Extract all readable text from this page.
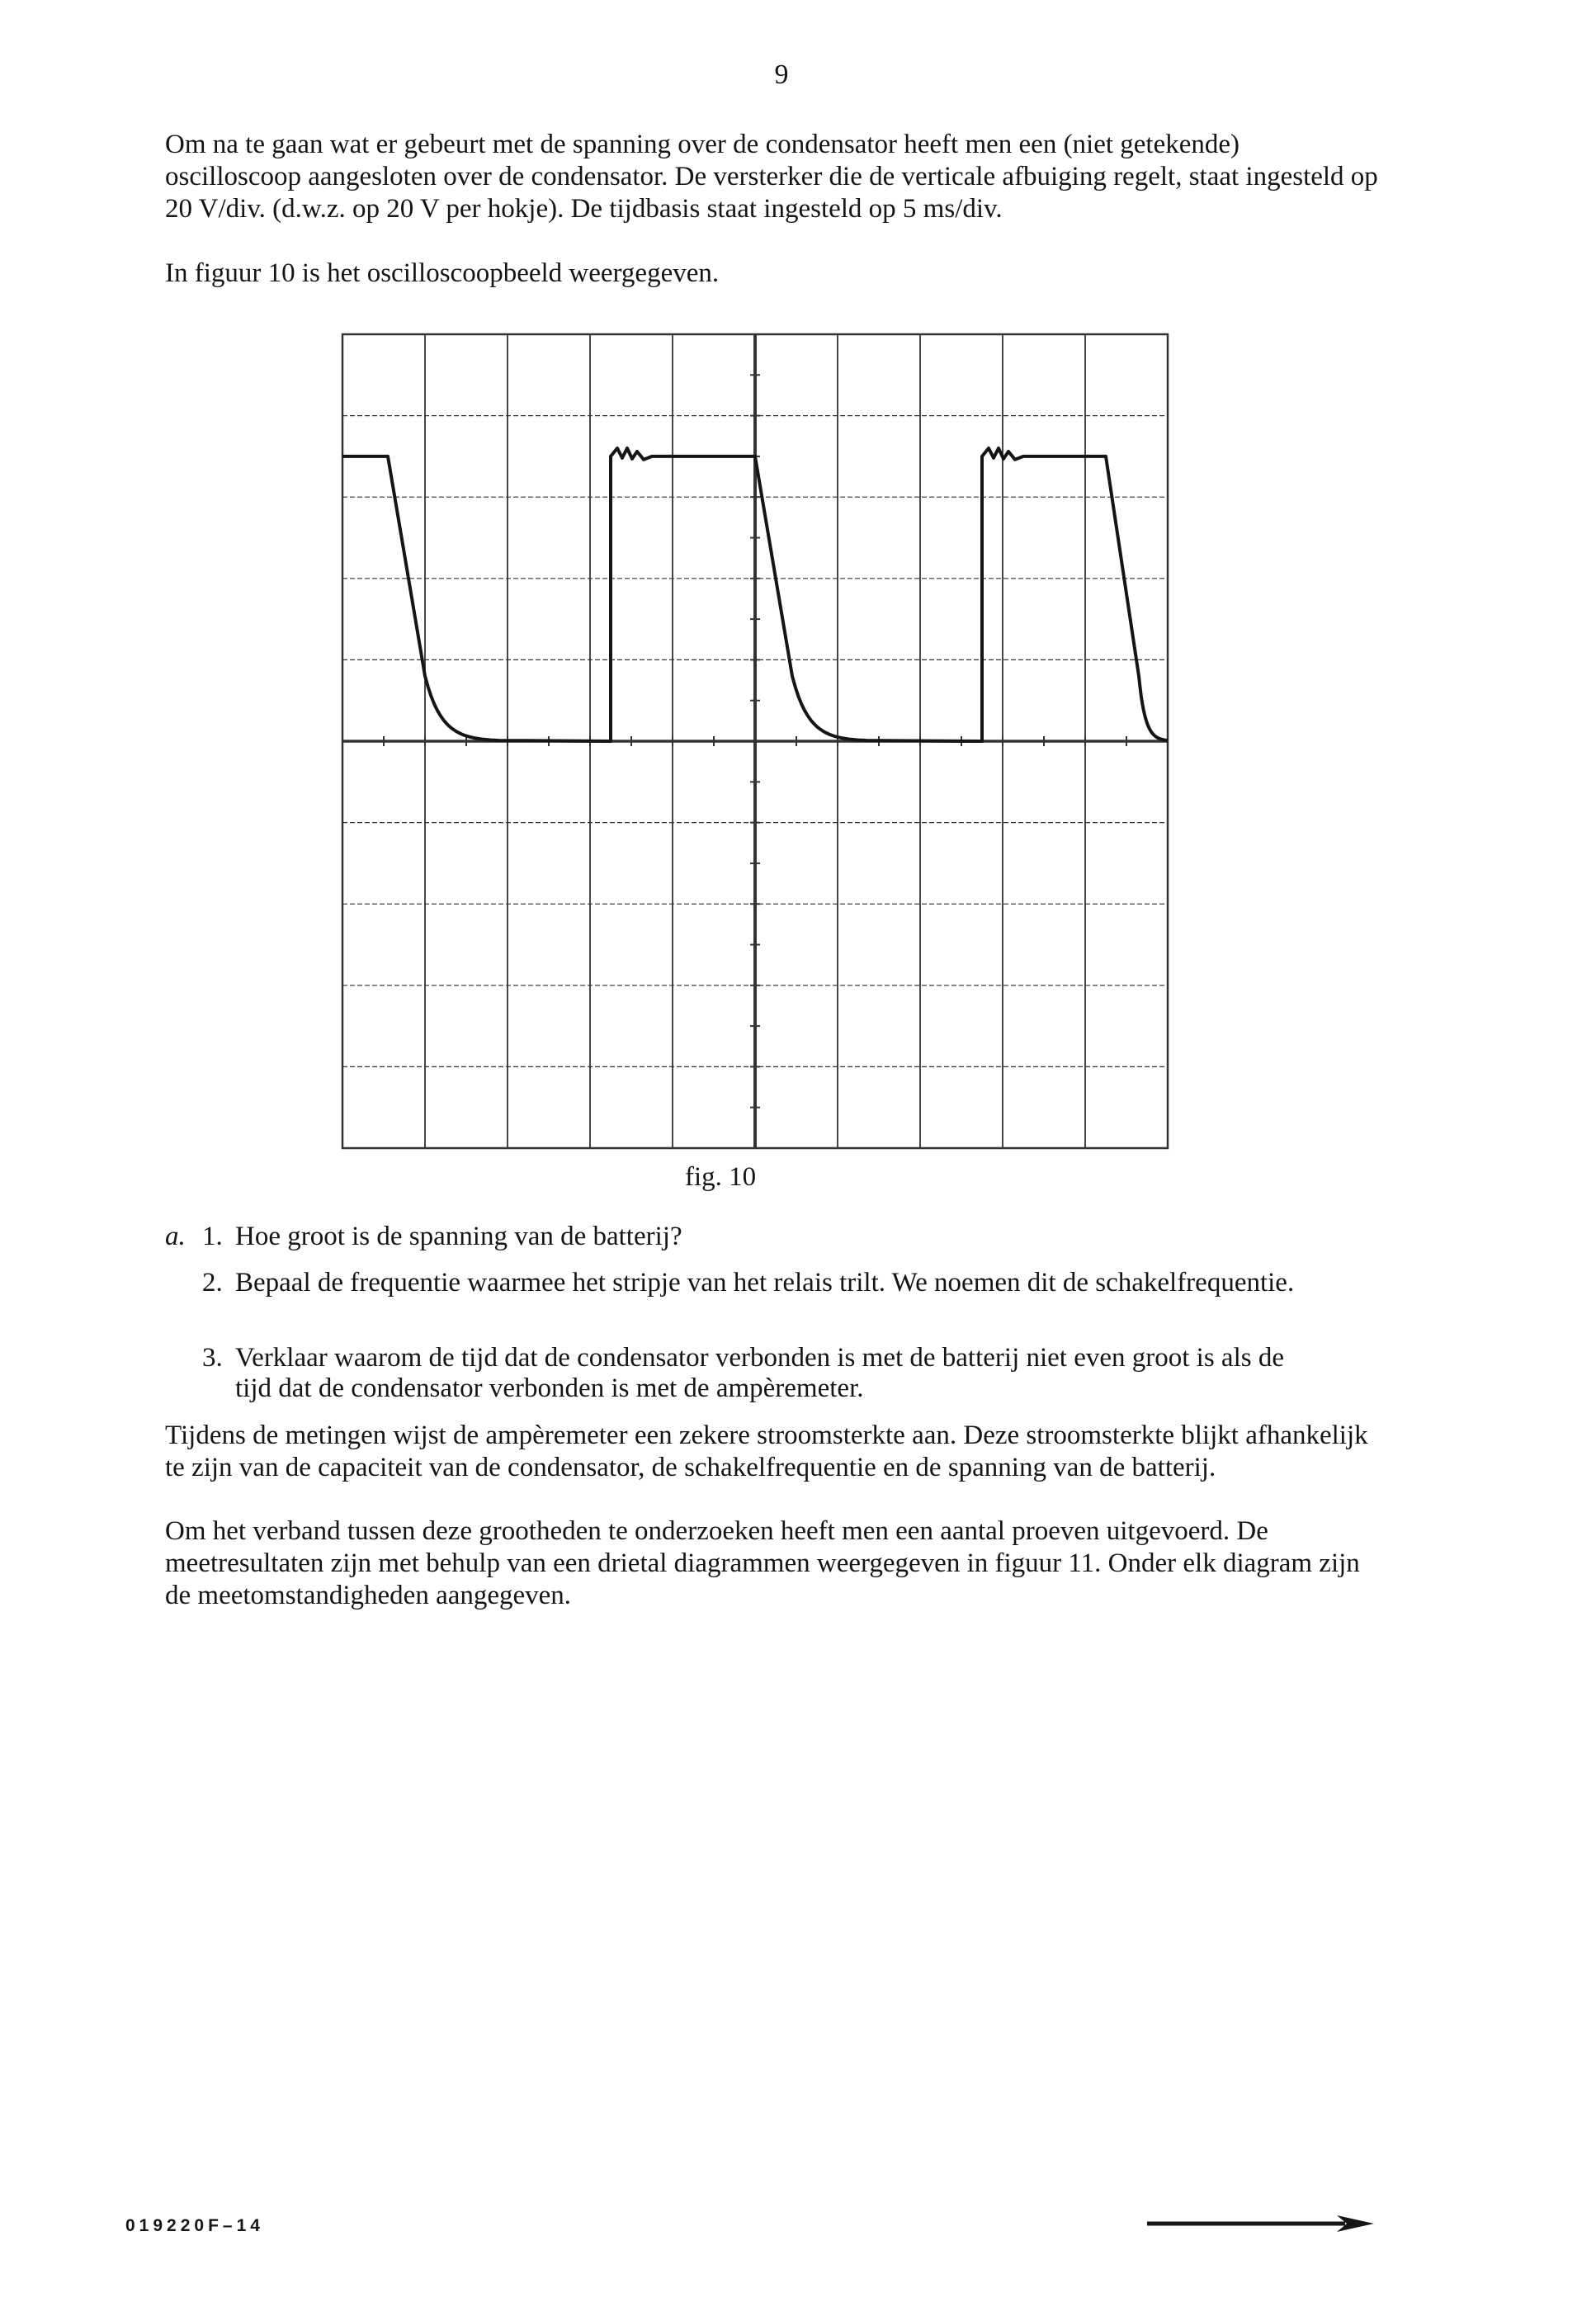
9

Om na te gaan wat er gebeurt met de spanning over de condensator heeft men een (niet getekende) oscilloscoop aangesloten over de condensator. De versterker die de verticale afbuiging regelt, staat ingesteld op 20 V/div. (d.w.z. op 20 V per hokje). De tijdbasis staat ingesteld op 5 ms/div.

In figuur 10 is het oscilloscoopbeeld weergegeven.

fig. 10
a. 1. Hoe groot is de spanning van de batterij?
2. Bepaal de frequentie waarmee het stripje van het relais trilt. We noemen dit de schakelfrequentie.
3. Verklaar waarom de tijd dat de condensator verbonden is met de batterij niet even groot is als de tijd dat de condensator verbonden is met de ampèremeter.

Tijdens de metingen wijst de ampèremeter een zekere stroomsterkte aan. Deze stroomsterkte blijkt afhankelijk te zijn van de capaciteit van de condensator, de schakelfrequentie en de spanning van de batterij.

Om het verband tussen deze grootheden te onderzoeken heeft men een aantal proeven uitgevoerd. De meetresultaten zijn met behulp van een drietal diagrammen weergegeven in figuur 11. Onder elk diagram zijn de meetomstandigheden aangegeven.

019220F–14
